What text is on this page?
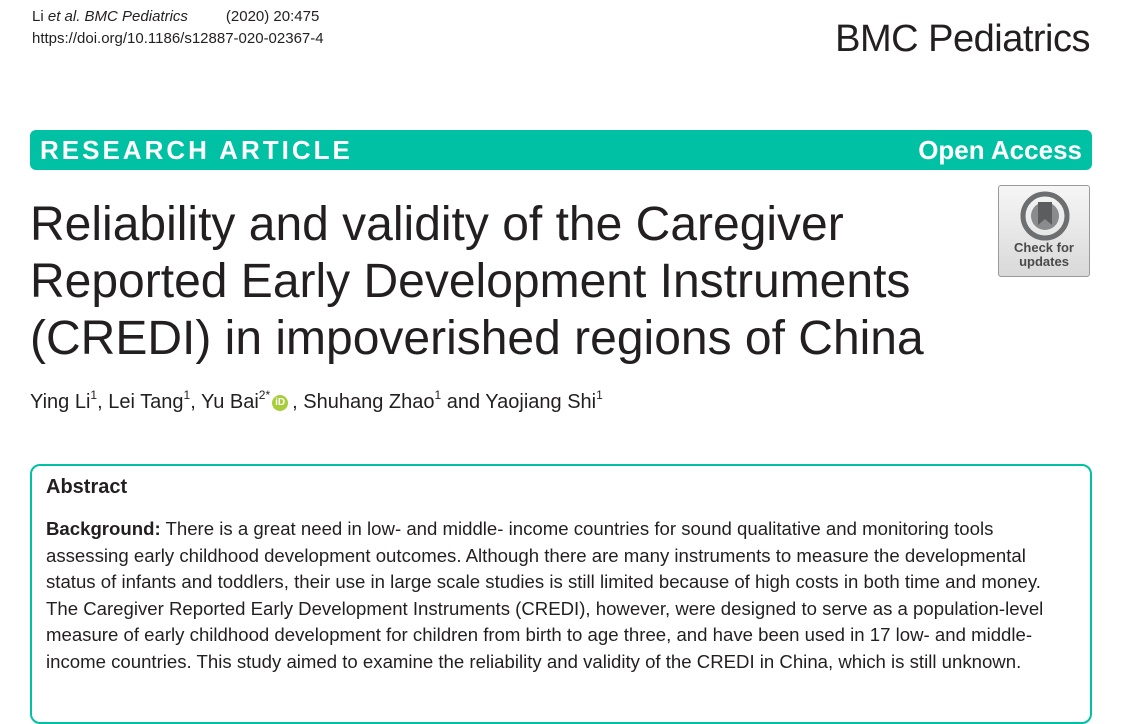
Li et al. BMC Pediatrics	(2020) 20:475
https://doi.org/10.1186/s12887-020-02367-4	BMC Pediatrics
RESEARCH ARTICLE	Open Access
Reliability and validity of the Caregiver Reported Early Development Instruments (CREDI) in impoverished regions of China
Check for
updates
Ying Li$^1$, Lei Tang$^1$, Yu Bai$^{2*}$iD , Shuhang Zhao$^1$ and Yaojiang Shi$^1$
Abstract
Background: There is a great need in low- and middle- income countries for sound qualitative and monitoring tools assessing early childhood development outcomes. Although there are many instruments to measure the developmental status of infants and toddlers, their use in large scale studies is still limited because of high costs in both time and money. The Caregiver Reported Early Development Instruments (CREDI), however, were designed to serve as a population-level measure of early childhood development for children from birth to age three, and have been used in 17 low- and middle-income countries. This study aimed to examine the reliability and validity of the CREDI in China, which is still unknown.
